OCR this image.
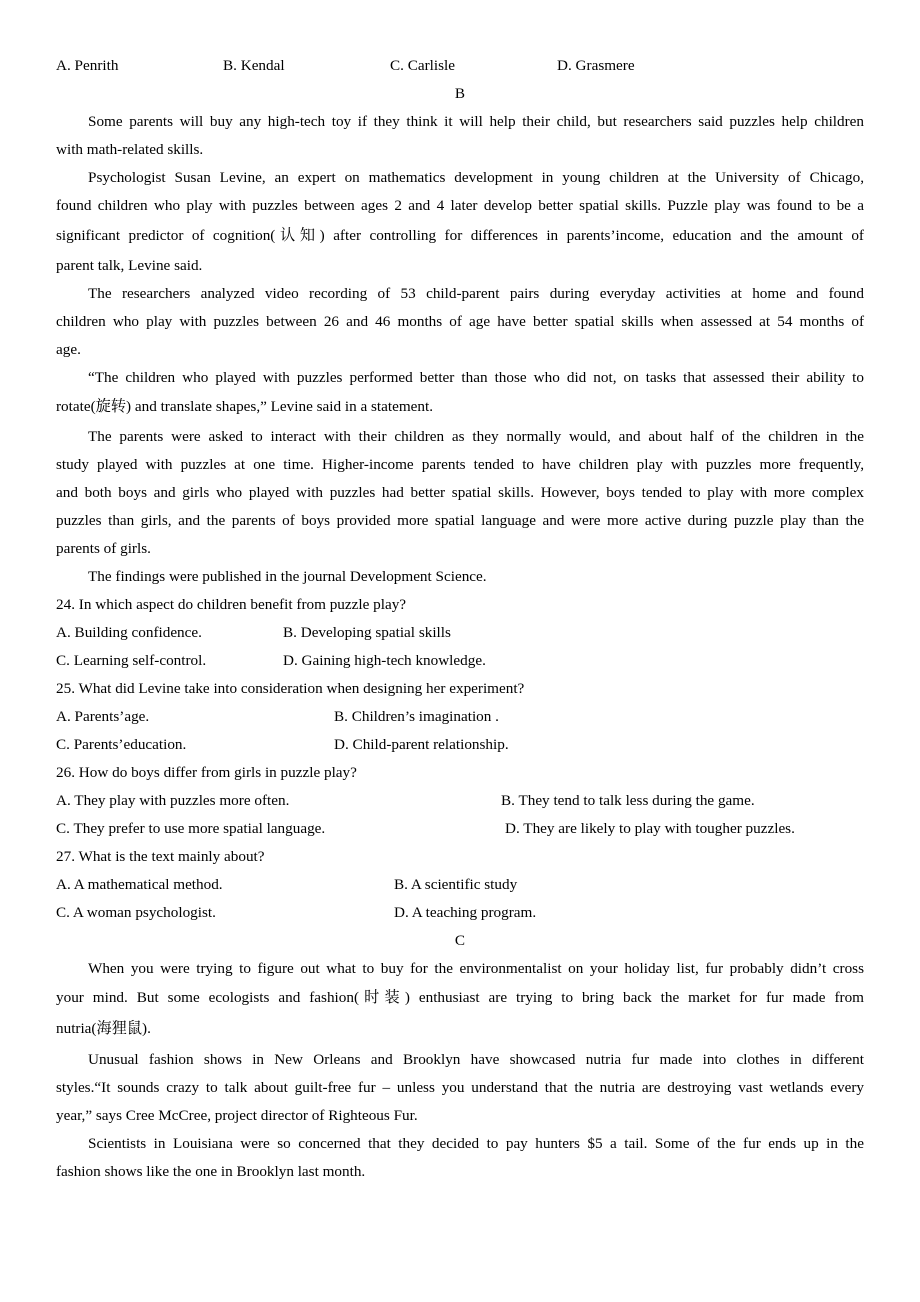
A. Penrith	B. Kendal	C. Carlisle	D. Grasmere
B
Some parents will buy any high-tech toy if they think it will help their child, but researchers said puzzles help children
with math-related skills.
Psychologist Susan Levine, an expert on mathematics development in young children at the University of Chicago,
found children who play with puzzles between ages 2 and 4 later develop better spatial skills. Puzzle play was found to be a
significant predictor of cognition(认知) after controlling for differences in parents’income, education and the amount of
parent talk, Levine said.
The researchers analyzed video recording of 53 child-parent pairs during everyday activities at home and found
children who play with puzzles between 26 and 46 months of age have better spatial skills when assessed at 54 months of
age.
“The children who played with puzzles performed better than those who did not, on tasks that assessed their ability to
rotate(旋转) and translate shapes,” Levine said in a statement.
The parents were asked to interact with their children as they normally would, and about half of the children in the
study played with puzzles at one time. Higher-income parents tended to have children play with puzzles more frequently,
and both boys and girls who played with puzzles had better spatial skills. However, boys tended to play with more complex
puzzles than girls, and the parents of boys provided more spatial language and were more active during puzzle play than the
parents of girls.
The findings were published in the journal Development Science.
24. In which aspect do children benefit from puzzle play?
A. Building confidence.	B. Developing spatial skills
C. Learning self-control.	D. Gaining high-tech knowledge.
25. What did Levine take into consideration when designing her experiment?
A. Parents’age.	B. Children’s imagination .
C. Parents’education.	D. Child-parent relationship.
26. How do boys differ from girls in puzzle play?
A. They play with puzzles more often.	B. They tend to talk less during the game.
C. They prefer to use more spatial language.	D. They are likely to play with tougher puzzles.
27. What is the text mainly about?
A. A mathematical method.	B. A scientific study
C. A woman psychologist.	D. A teaching program.
C
When you were trying to figure out what to buy for the environmentalist on your holiday list, fur probably didn’t cross
your mind. But some ecologists and fashion(时装) enthusiast are trying to bring back the market for fur made from
nutria(海狸鼠).
Unusual fashion shows in New Orleans and Brooklyn have showcased nutria fur made into clothes in different
styles.“It sounds crazy to talk about guilt-free fur – unless you understand that the nutria are destroying vast wetlands every
year,” says Cree McCree, project director of Righteous Fur.
Scientists in Louisiana were so concerned that they decided to pay hunters $5 a tail. Some of the fur ends up in the
fashion shows like the one in Brooklyn last month.
